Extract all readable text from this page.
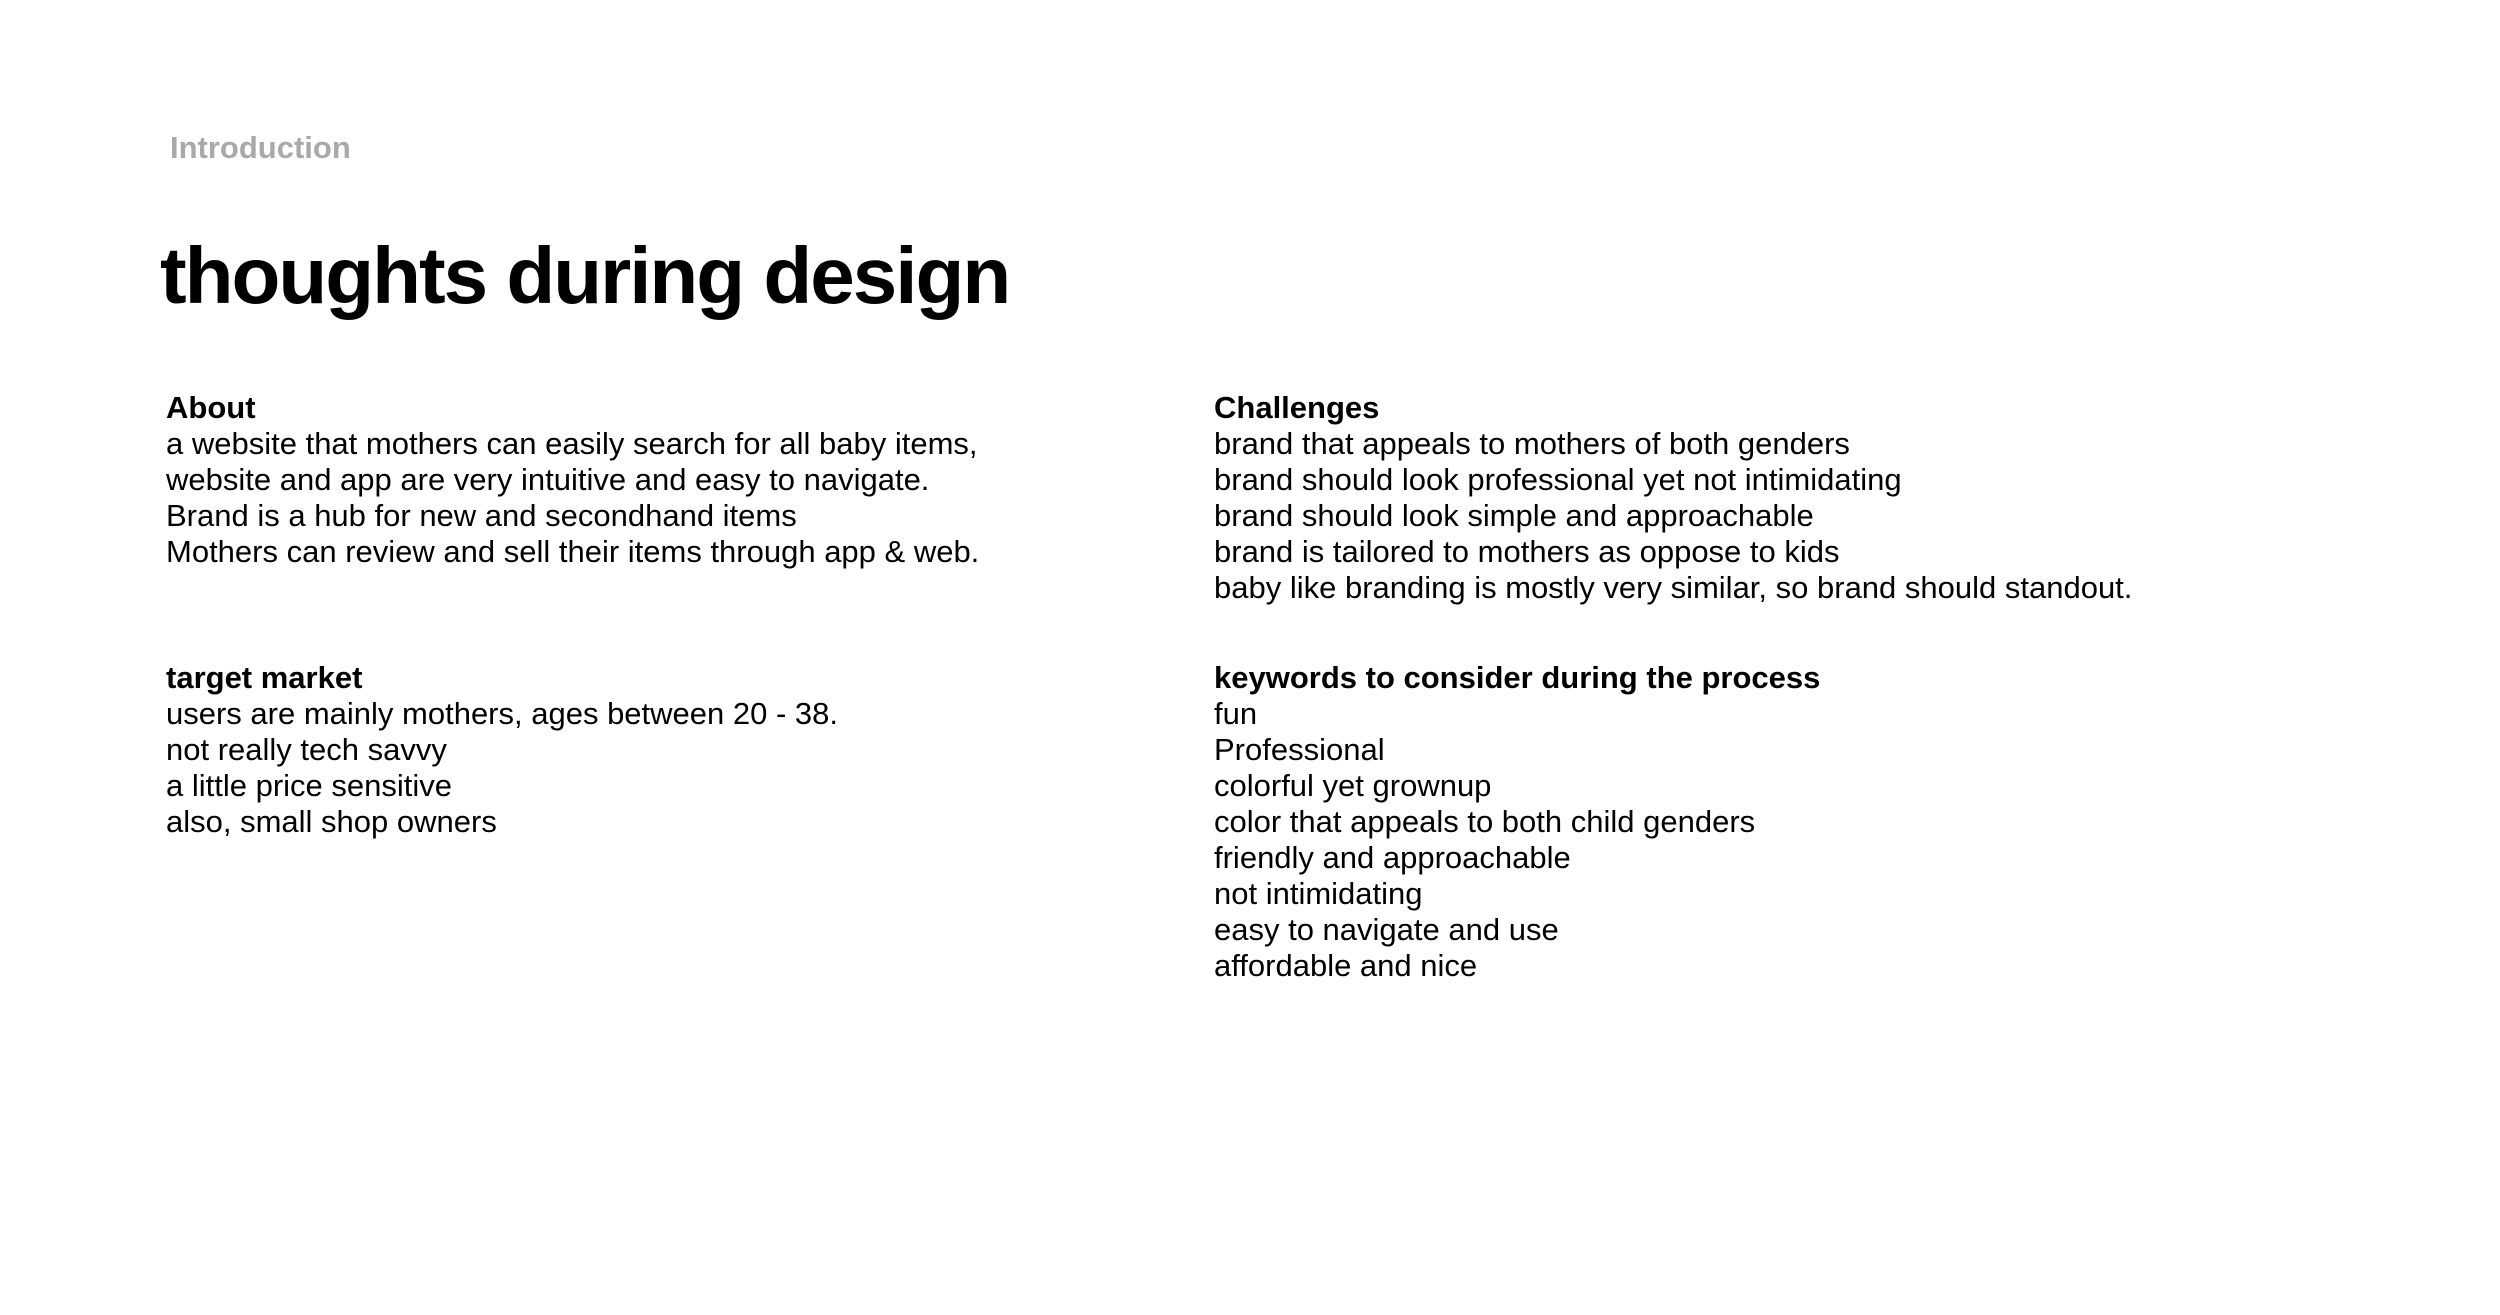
Introduction
thoughts during design
About
a website that mothers can easily search for all baby items,
website and app are very intuitive and easy to navigate.
Brand is a hub for new and secondhand items
Mothers can review and sell their items through app & web.
Challenges
brand that appeals to mothers of both genders
brand should look professional yet not intimidating
brand should look simple and approachable
brand is tailored to mothers as oppose to kids
baby like branding is mostly very similar, so brand should standout.
target market
users are mainly mothers, ages between 20 - 38.
not really tech savvy
a little price sensitive
also, small shop owners
keywords to consider during the process
fun
Professional
colorful yet grownup
color that appeals to both child genders
friendly and approachable
not intimidating
easy to navigate and use
affordable and nice
